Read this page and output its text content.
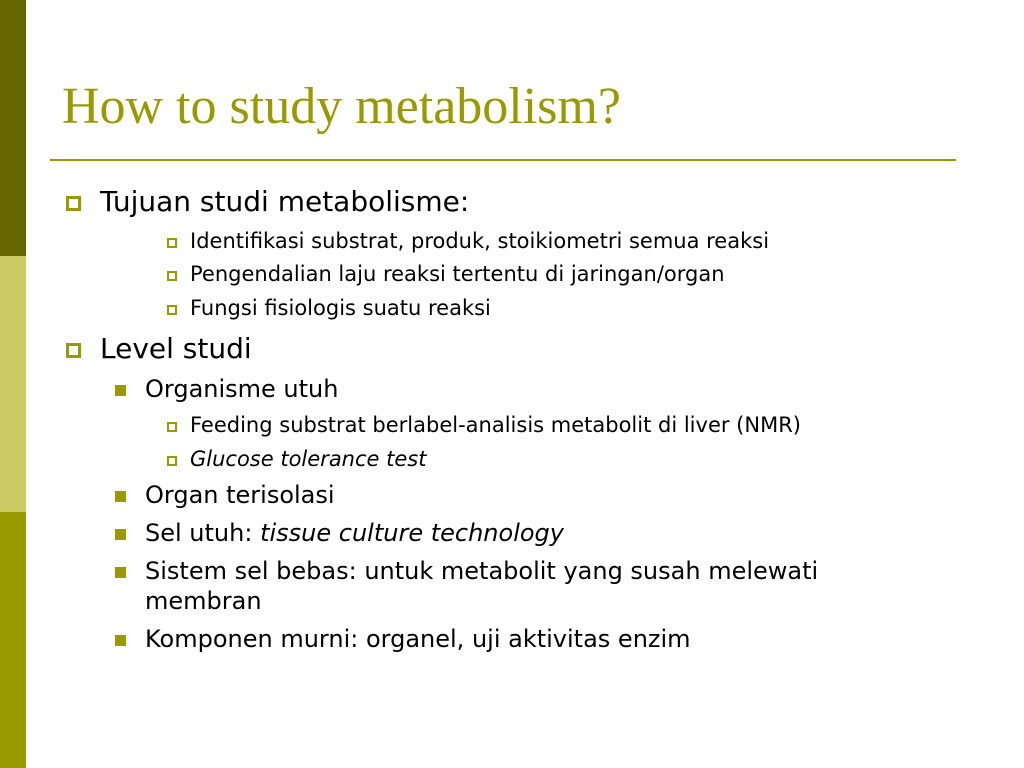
How to study metabolism?
Tujuan studi metabolisme:
Identifikasi substrat, produk, stoikiometri semua reaksi
Pengendalian laju reaksi tertentu di jaringan/organ
Fungsi fisiologis suatu reaksi
Level studi
Organisme utuh
Feeding substrat berlabel-analisis metabolit di liver (NMR)
Glucose tolerance test
Organ terisolasi
Sel utuh: tissue culture technology
Sistem sel bebas: untuk metabolit yang susah melewati
membran
Komponen murni: organel, uji aktivitas enzim
